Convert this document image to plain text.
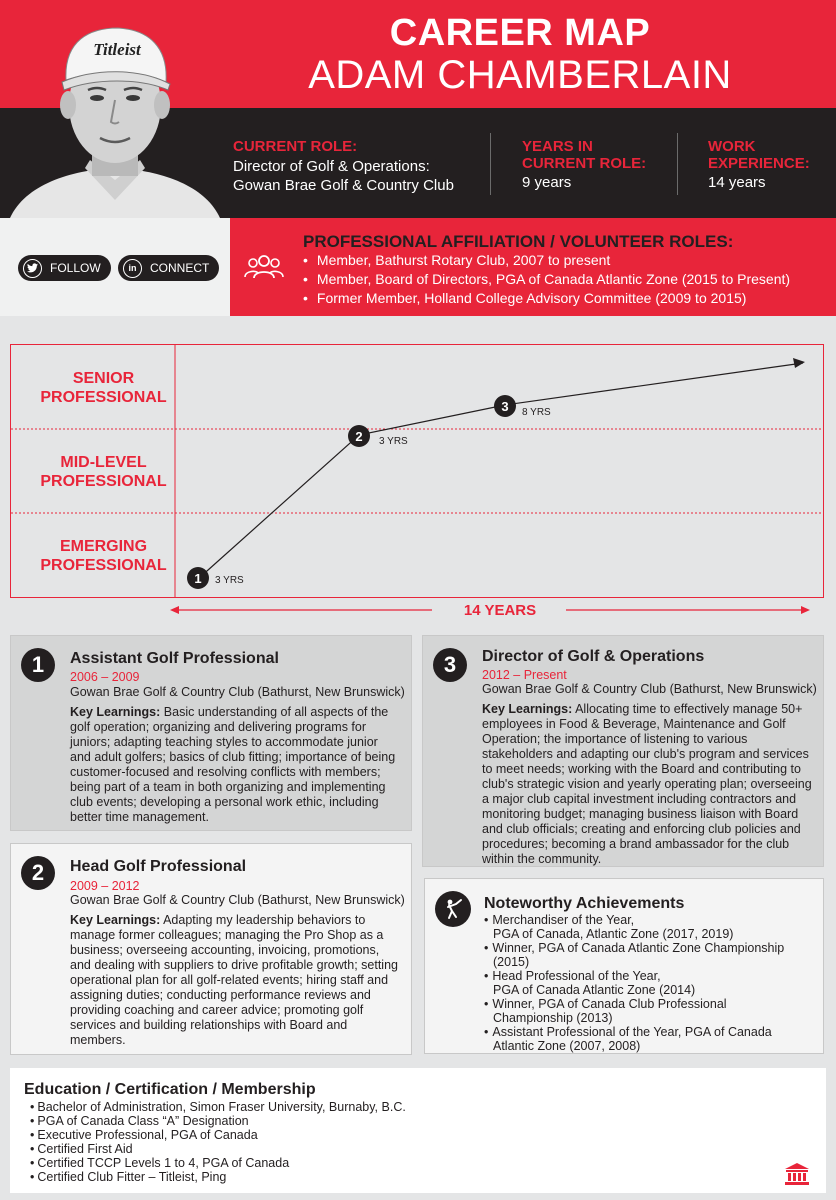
Titleist	CAREER MAP
ADAM CHAMBERLAIN
CURRENT ROLE:
Director of Golf & Operations:
Gowan Brae Golf & Country Club
YEARS IN
CURRENT ROLE:
9 years
WORK
EXPERIENCE:
14 years
FOLLOW	in	CONNECT
PROFESSIONAL AFFILIATION / VOLUNTEER ROLES:
• Member, Bathurst Rotary Club, 2007 to present
• Member, Board of Directors, PGA of Canada Atlantic Zone (2015 to Present)
• Former Member, Holland College Advisory Committee (2009 to 2015)
SENIOR
PROFESSIONAL
MID-LEVEL
PROFESSIONAL
EMERGING
PROFESSIONAL
1	3 YRS
2	3 YRS
3	8 YRS
14 YEARS
1	Assistant Golf Professional
2006 – 2009
Gowan Brae Golf & Country Club (Bathurst, New Brunswick)
Key Learnings: Basic understanding of all aspects of the golf operation; organizing and delivering programs for juniors; adapting teaching styles to accommodate junior and adult golfers; basics of club fitting; importance of being customer-focused and resolving conflicts with members; being part of a team in both organizing and implementing club events; developing a personal work ethic, including better time management.
2	Head Golf Professional
2009 – 2012
Gowan Brae Golf & Country Club (Bathurst, New Brunswick)
Key Learnings: Adapting my leadership behaviors to manage former colleagues; managing the Pro Shop as a business; overseeing accounting, invoicing, promotions, and dealing with suppliers to drive profitable growth; setting operational plan for all golf-related events; hiring staff and assigning duties; conducting performance reviews and providing coaching and career advice; promoting golf services and building relationships with Board and members.
3	Director of Golf & Operations
2012 – Present
Gowan Brae Golf & Country Club (Bathurst, New Brunswick)
Key Learnings: Allocating time to effectively manage 50+ employees in Food & Beverage, Maintenance and Golf Operation; the importance of listening to various stakeholders and adapting our club's program and services to meet needs; working with the Board and contributing to club's strategic vision and yearly operating plan; overseeing a major club capital investment including contractors and monitoring budget; managing business liaison with Board and club officials; creating and enforcing club policies and procedures; becoming a brand ambassador for the club within the community.
Noteworthy Achievements
• Merchandiser of the Year,
PGA of Canada, Atlantic Zone (2017, 2019)
• Winner, PGA of Canada Atlantic Zone Championship (2015)
• Head Professional of the Year,
PGA of Canada Atlantic Zone (2014)
• Winner, PGA of Canada Club Professional
Championship (2013)
• Assistant Professional of the Year, PGA of Canada
Atlantic Zone (2007, 2008)
Education / Certification / Membership
• Bachelor of Administration, Simon Fraser University, Burnaby, B.C.
• PGA of Canada Class “A” Designation
• Executive Professional, PGA of Canada
• Certified First Aid
• Certified TCCP Levels 1 to 4, PGA of Canada
• Certified Club Fitter – Titleist, Ping
